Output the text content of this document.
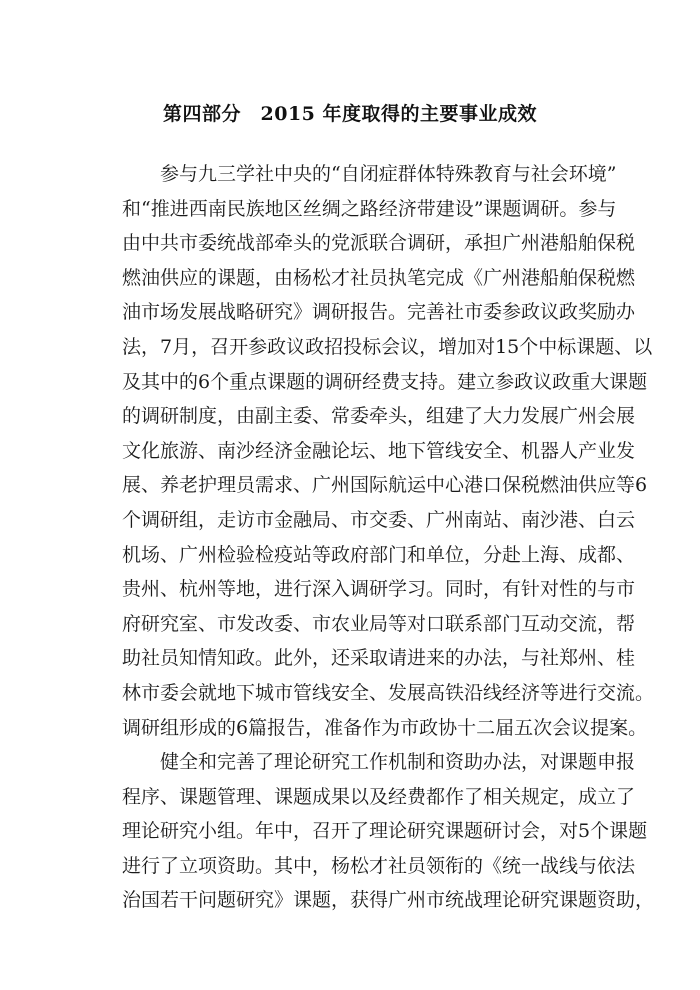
第四部分　2015 年度取得的主要事业成效
　　参与九三学社中央的“自闭症群体特殊教育与社会环境”
和“推进西南民族地区丝绸之路经济带建设”课题调研。参与
由中共市委统战部牵头的党派联合调研，承担广州港船舶保税
燃油供应的课题，由杨松才社员执笔完成《广州港船舶保税燃
油市场发展战略研究》调研报告。完善社市委参政议政奖励办
法，7月，召开参政议政招投标会议，增加对15个中标课题、以
及其中的6个重点课题的调研经费支持。建立参政议政重大课题
的调研制度，由副主委、常委牵头，组建了大力发展广州会展
文化旅游、南沙经济金融论坛、地下管线安全、机器人产业发
展、养老护理员需求、广州国际航运中心港口保税燃油供应等6
个调研组，走访市金融局、市交委、广州南站、南沙港、白云
机场、广州检验检疫站等政府部门和单位，分赴上海、成都、
贵州、杭州等地，进行深入调研学习。同时，有针对性的与市
府研究室、市发改委、市农业局等对口联系部门互动交流，帮
助社员知情知政。此外，还采取请进来的办法，与社郑州、桂
林市委会就地下城市管线安全、发展高铁沿线经济等进行交流。
调研组形成的6篇报告，准备作为市政协十二届五次会议提案。
　　健全和完善了理论研究工作机制和资助办法，对课题申报
程序、课题管理、课题成果以及经费都作了相关规定，成立了
理论研究小组。年中，召开了理论研究课题研讨会，对5个课题
进行了立项资助。其中，杨松才社员领衔的《统一战线与依法
治国若干问题研究》课题，获得广州市统战理论研究课题资助，
